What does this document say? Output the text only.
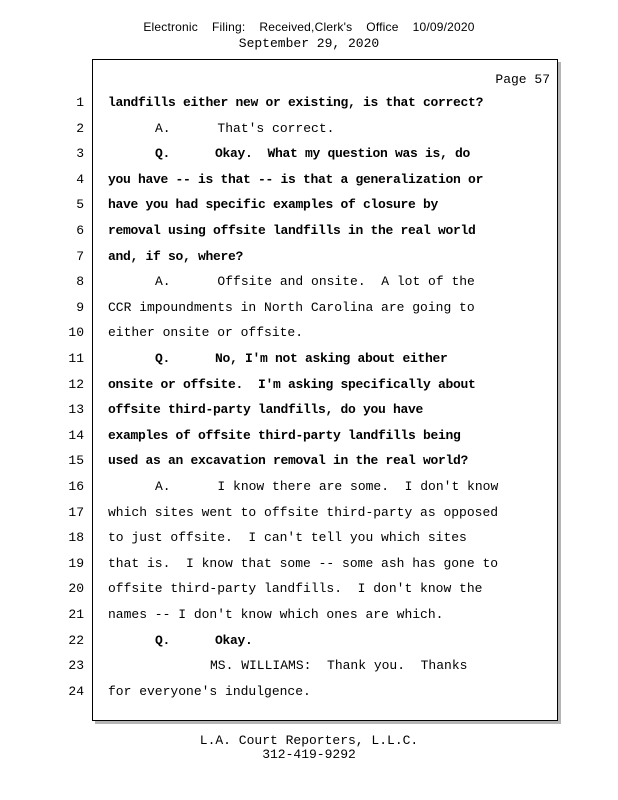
Electronic Filing: Received,Clerk's Office 10/09/2020
September 29, 2020
Page 57
1 landfills either new or existing, is that correct?
2	A.      That's correct.
3	Q.      Okay.  What my question was is, do
4 you have -- is that -- is that a generalization or
5 have you had specific examples of closure by
6 removal using offsite landfills in the real world
7 and, if so, where?
8	A.      Offsite and onsite.  A lot of the
9 CCR impoundments in North Carolina are going to
10 either onsite or offsite.
11	Q.      No, I'm not asking about either
12 onsite or offsite.  I'm asking specifically about
13 offsite third-party landfills, do you have
14 examples of offsite third-party landfills being
15 used as an excavation removal in the real world?
16	A.      I know there are some.  I don't know
17 which sites went to offsite third-party as opposed
18 to just offsite.  I can't tell you which sites
19 that is.  I know that some -- some ash has gone to
20 offsite third-party landfills.  I don't know the
21 names -- I don't know which ones are which.
22	Q.      Okay.
23	MS. WILLIAMS:  Thank you.  Thanks
24 for everyone's indulgence.
L.A. Court Reporters, L.L.C.
312-419-9292
